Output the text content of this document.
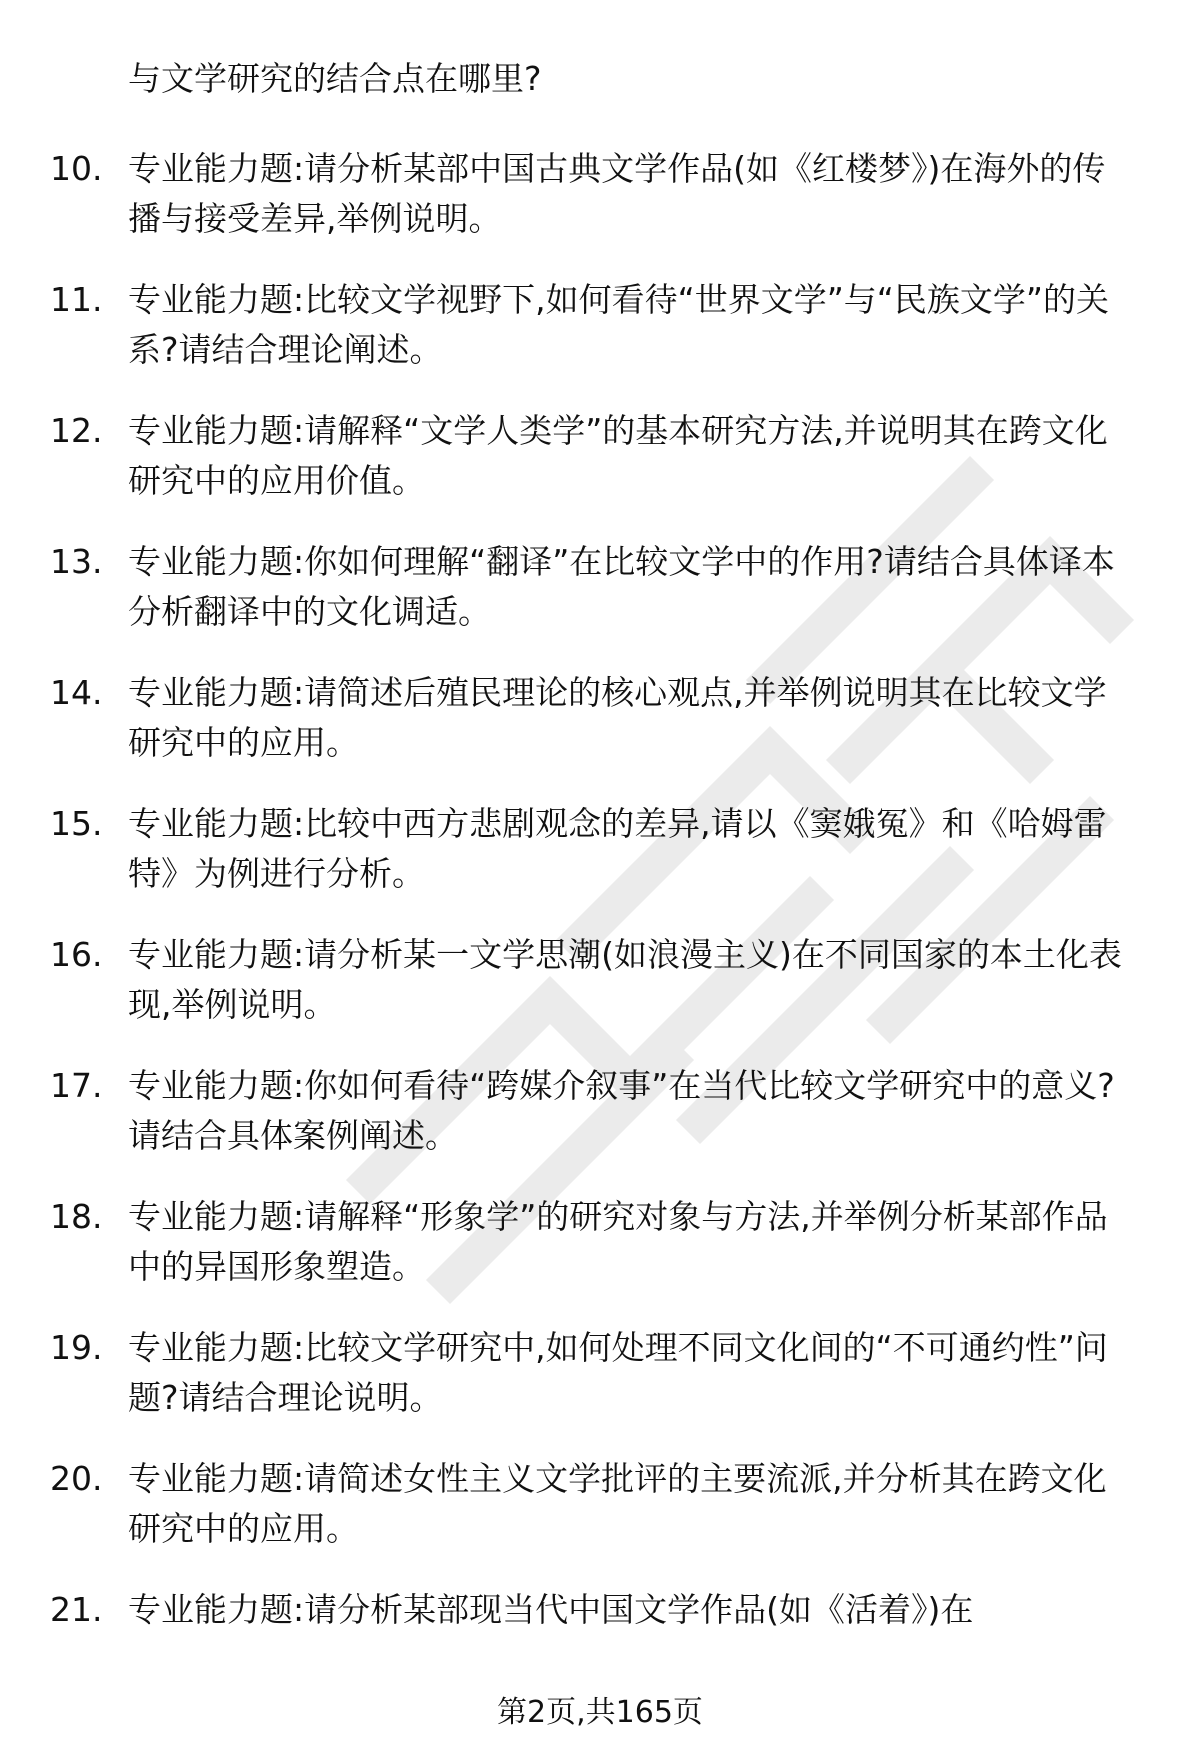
与文学研究的结合点在哪里?
10. 专业能力题:请分析某部中国古典文学作品(如《红楼梦》)在海外的传播与接受差异,举例说明。
11. 专业能力题:比较文学视野下,如何看待“世界文学”与“民族文学”的关系?请结合理论阐述。
12. 专业能力题:请解释“文学人类学”的基本研究方法,并说明其在跨文化研究中的应用价值。
13. 专业能力题:你如何理解“翻译”在比较文学中的作用?请结合具体译本分析翻译中的文化调适。
14. 专业能力题:请简述后殖民理论的核心观点,并举例说明其在比较文学研究中的应用。
15. 专业能力题:比较中西方悲剧观念的差异,请以《窦娥冤》和《哈姆雷特》为例进行分析。
16. 专业能力题:请分析某一文学思潮(如浪漫主义)在不同国家的本土化表现,举例说明。
17. 专业能力题:你如何看待“跨媒介叙事”在当代比较文学研究中的意义?请结合具体案例阐述。
18. 专业能力题:请解释“形象学”的研究对象与方法,并举例分析某部作品中的异国形象塑造。
19. 专业能力题:比较文学研究中,如何处理不同文化间的“不可通约性”问题?请结合理论说明。
20. 专业能力题:请简述女性主义文学批评的主要流派,并分析其在跨文化研究中的应用。
21. 专业能力题:请分析某部现当代中国文学作品(如《活着》)在
第2页,共165页
